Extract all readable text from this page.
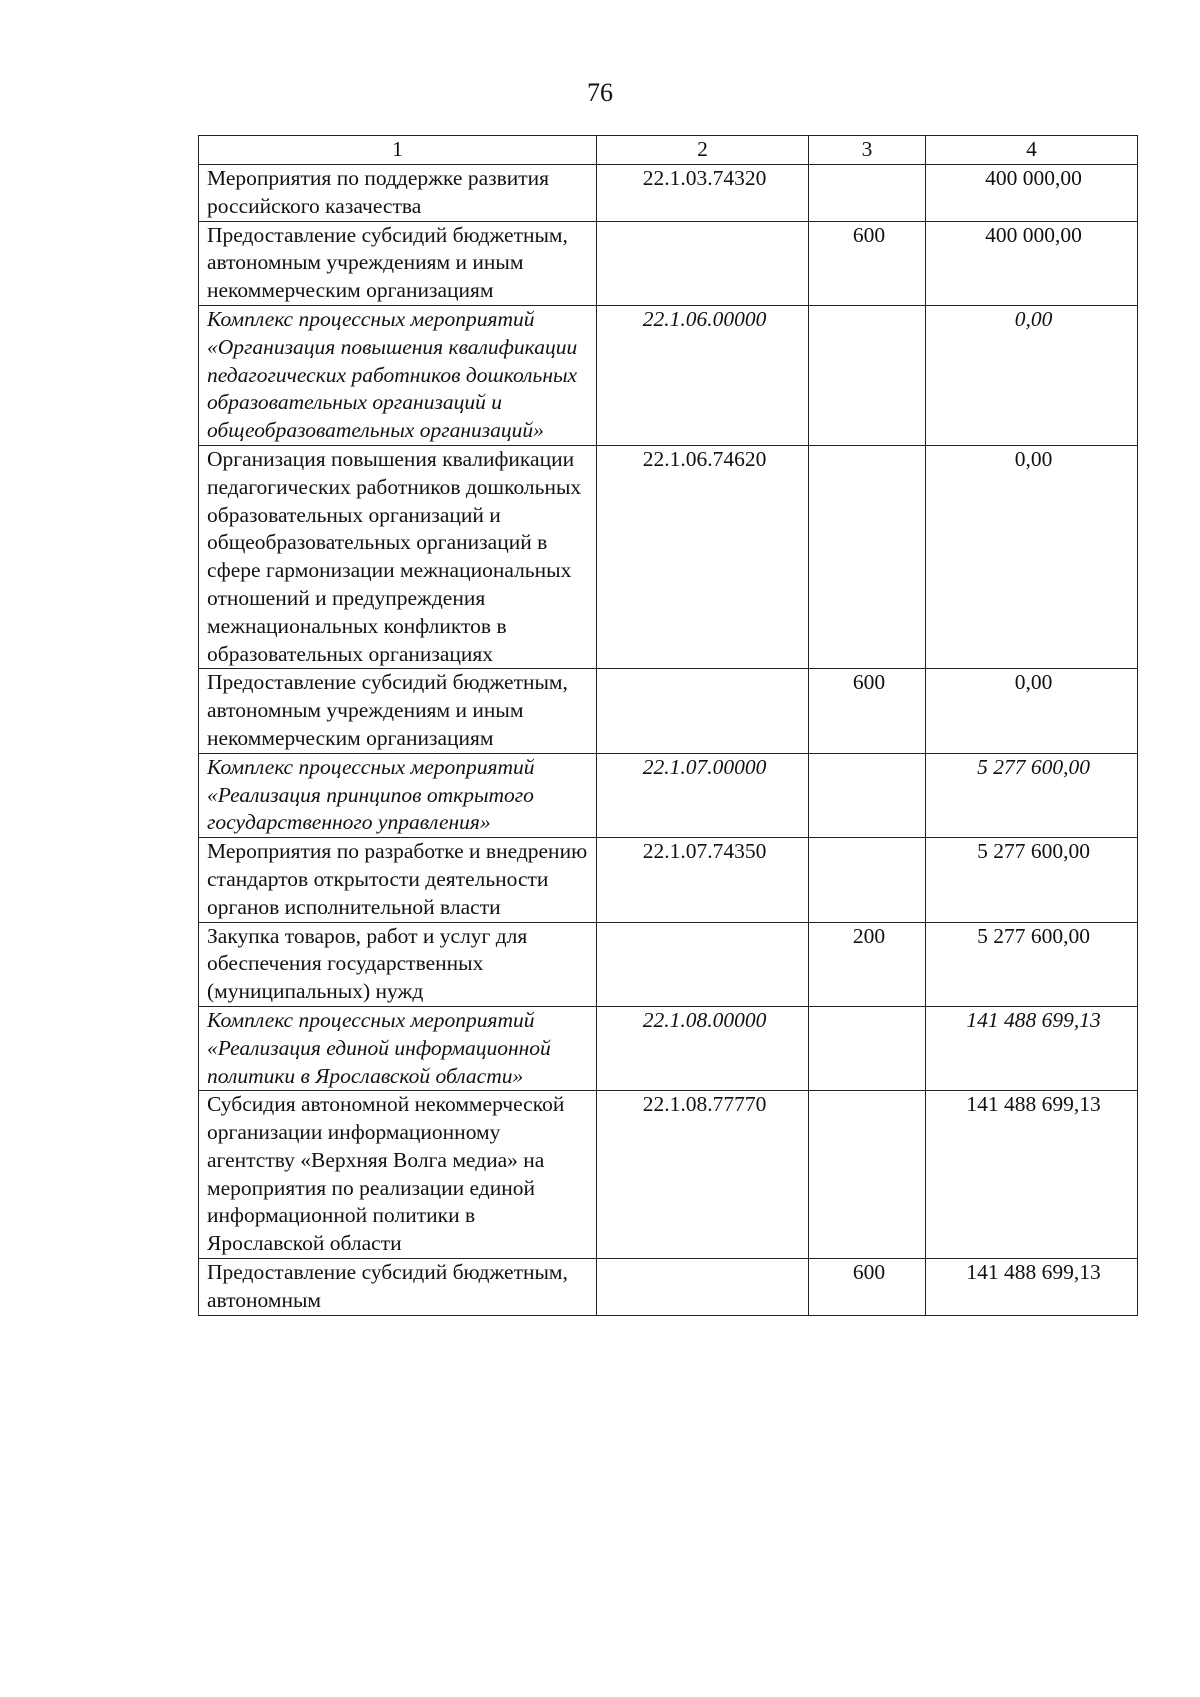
76
1	2	3	4
Мероприятия по поддержке развития российского казачества	22.1.03.74320		400 000,00
Предоставление субсидий бюджетным, автономным учреждениям и иным некоммерческим организациям		600	400 000,00
Комплекс процессных мероприятий «Организация повышения квалификации педагогических работников дошкольных образовательных организаций и общеобразовательных организаций»	22.1.06.00000		0,00
Организация повышения квалификации педагогических работников дошкольных образовательных организаций и общеобразовательных организаций в сфере гармонизации межнациональных отношений и предупреждения межнациональных конфликтов в образовательных организациях	22.1.06.74620		0,00
Предоставление субсидий бюджетным, автономным учреждениям и иным некоммерческим организациям		600	0,00
Комплекс процессных мероприятий «Реализация принципов открытого государственного управления»	22.1.07.00000		5 277 600,00
Мероприятия по разработке и внедрению стандартов открытости деятельности органов исполнительной власти	22.1.07.74350		5 277 600,00
Закупка товаров, работ и услуг для обеспечения государственных (муниципальных) нужд		200	5 277 600,00
Комплекс процессных мероприятий «Реализация единой информационной политики в Ярославской области»	22.1.08.00000		141 488 699,13
Субсидия автономной некоммерческой организации информационному агентству «Верхняя Волга медиа» на мероприятия по реализации единой информационной политики в Ярославской области	22.1.08.77770		141 488 699,13
Предоставление субсидий бюджетным, автономным		600	141 488 699,13
